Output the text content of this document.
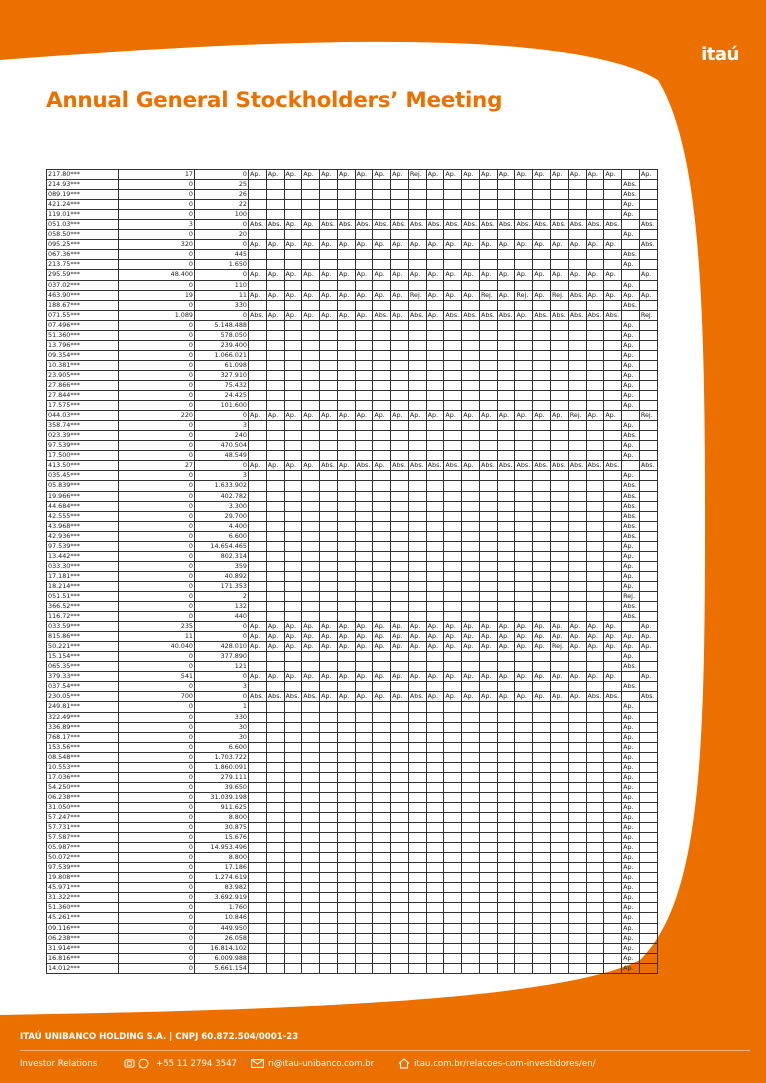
itaú
Annual General Stockholders’ Meeting
217.80***	17	0	Ap.	Ap.	Ap.	Ap.	Ap.	Ap.	Ap.	Ap.	Ap.	Rej.	Ap.	Ap.	Ap.	Ap.	Ap.	Ap.	Ap.	Ap.	Ap.	Ap.	Ap.		Ap.	
214.93***	0	25																						Abs.		
089.19***	0	26																						Abs.		
421.24***	0	22																						Ap.		
119.01***	0	100																						Ap.		
051.03***	3	0	Abs.	Abs.	Ap.	Ap.	Abs.	Abs.	Abs.	Abs.	Abs.	Abs.	Abs.	Abs.	Abs.	Abs.	Abs.	Abs.	Abs.	Abs.	Abs.	Abs.	Abs.		Abs.	
058.50***	0	20																						Ap.		
095.25***	320	0	Ap.	Ap.	Ap.	Ap.	Ap.	Ap.	Ap.	Ap.	Ap.	Ap.	Ap.	Ap.	Ap.	Ap.	Ap.	Ap.	Ap.	Ap.	Ap.	Ap.	Ap.		Abs.	
067.36***	0	445																						Abs.		
213.75***	0	1.650																						Ap.		
295.59***	48.400	0	Ap.	Ap.	Ap.	Ap.	Ap.	Ap.	Ap.	Ap.	Ap.	Ap.	Ap.	Ap.	Ap.	Ap.	Ap.	Ap.	Ap.	Ap.	Ap.	Ap.	Ap.		Ap.	
037.02***	0	110																						Ap.		
463.90***	19	11	Ap.	Ap.	Ap.	Ap.	Ap.	Ap.	Ap.	Ap.	Ap.	Rej.	Ap.	Ap.	Ap.	Rej.	Ap.	Rej.	Ap.	Rej.	Abs.	Ap.	Ap.	Ap.	Ap.	
188.67***	0	330																						Abs.		
071.55***	1.089	0	Abs.	Ap.	Ap.	Ap.	Ap.	Ap.	Ap.	Abs.	Ap.	Abs.	Ap.	Abs.	Abs.	Abs.	Abs.	Ap.	Abs.	Abs.	Abs.	Abs.	Abs.		Rej.	
07.496***	0	5.148.488																						Ap.		
51.360***	0	578.050																						Ap.		
13.796***	0	239.400																						Ap.		
09.354***	0	1.066.021																						Ap.		
10.381***	0	61.098																						Ap.		
23.905***	0	327.910																						Ap.		
27.866***	0	75.432																						Ap.		
27.844***	0	24.425																						Ap.		
17.575***	0	101.600																						Ap.		
044.03***	220	0	Ap.	Ap.	Ap.	Ap.	Ap.	Ap.	Ap.	Ap.	Ap.	Ap.	Ap.	Ap.	Ap.	Ap.	Ap.	Ap.	Ap.	Ap.	Rej.	Ap.	Ap.		Rej.	
358.74***	0	3																						Ap.		
023.39***	0	240																						Abs.		
97.539***	0	470.504																						Ap.		
17.500***	0	48.549																						Ap.		
413.50***	27	0	Ap.	Ap.	Ap.	Ap.	Abs.	Ap.	Abs.	Ap.	Abs.	Abs.	Abs.	Abs.	Ap.	Abs.	Abs.	Abs.	Abs.	Abs.	Abs.	Abs.	Abs.		Abs.	
035.45***	0	3																						Ap.		
05.839***	0	1.633.902																						Abs.		
19.966***	0	402.782																						Abs.		
44.684***	0	3.300																						Abs.		
42.555***	0	29.700																						Abs.		
43.968***	0	4.400																						Abs.		
42.936***	0	6.600																						Abs.		
97.539***	0	14.654.465																						Ap.		
13.442***	0	802.314																						Ap.		
033.30***	0	359																						Ap.		
17.181***	0	40.892																						Ap.		
18.214***	0	171.353																						Ap.		
051.51***	0	2																						Rej.		
366.52***	0	132																						Abs.		
116.72***	0	440																						Abs.		
033.59***	235	0	Ap.	Ap.	Ap.	Ap.	Ap.	Ap.	Ap.	Ap.	Ap.	Ap.	Ap.	Ap.	Ap.	Ap.	Ap.	Ap.	Ap.	Ap.	Ap.	Ap.	Ap.		Ap.	
815.86***	11	0	Ap.	Ap.	Ap.	Ap.	Ap.	Ap.	Ap.	Ap.	Ap.	Ap.	Ap.	Ap.	Ap.	Ap.	Ap.	Ap.	Ap.	Ap.	Ap.	Ap.	Ap.	Ap.	Ap.	
50.221***	40.040	428.010	Ap.	Ap.	Ap.	Ap.	Ap.	Ap.	Ap.	Ap.	Ap.	Ap.	Ap.	Ap.	Ap.	Ap.	Ap.	Ap.	Ap.	Rej.	Ap.	Ap.	Ap.	Ap.	Ap.	
15.154***	0	377.890																						Ap.		
065.35***	0	121																						Abs.		
379.33***	541	0	Ap.	Ap.	Ap.	Ap.	Ap.	Ap.	Ap.	Ap.	Ap.	Ap.	Ap.	Ap.	Ap.	Ap.	Ap.	Ap.	Ap.	Ap.	Ap.	Ap.	Ap.		Ap.	
037.54***	0	3																						Abs.		
230.05***	700	0	Abs.	Abs.	Abs.	Abs.	Ap.	Ap.	Ap.	Ap.	Ap.	Abs.	Ap.	Ap.	Ap.	Ap.	Ap.	Ap.	Ap.	Ap.	Ap.	Abs.	Abs.		Abs.	
249.81***	0	1																						Ap.		
322.49***	0	330																						Ap.		
336.89***	0	30																						Ap.		
768.17***	0	30																						Ap.		
153.56***	0	6.600																						Ap.		
08.548***	0	1.703.722																						Ap.		
10.553***	0	1.860.091																						Ap.		
17.036***	0	279.111																						Ap.		
54.250***	0	39.650																						Ap.		
06.238***	0	31.039.198																						Ap.		
31.050***	0	911.625																						Ap.		
57.247***	0	8.800																						Ap.		
57.731***	0	30.875																						Ap.		
57.587***	0	15.676																						Ap.		
05.987***	0	14.953.496																						Ap.		
50.072***	0	8.800																						Ap.		
97.539***	0	17.186																						Ap.		
19.808***	0	1.274.619																						Ap.		
45.971***	0	83.982																						Ap.		
31.322***	0	3.692.919																						Ap.		
51.360***	0	1.760																						Ap.		
45.261***	0	10.846																						Ap.		
09.116***	0	449.950																						Ap.		
06.238***	0	26.058																						Ap.		
31.914***	0	16.814.102																						Ap.		
16.816***	0	6.009.988																						Ap.		
14.012***	0	5.661.154																						Ap.		
ITAÚ UNIBANCO HOLDING S.A. | CNPJ 60.872.504/0001-23
Investor Relations	+55 11 2794 3547	ri@itau-unibanco.com.br	itau.com.br/relacoes-com-investidores/en/
